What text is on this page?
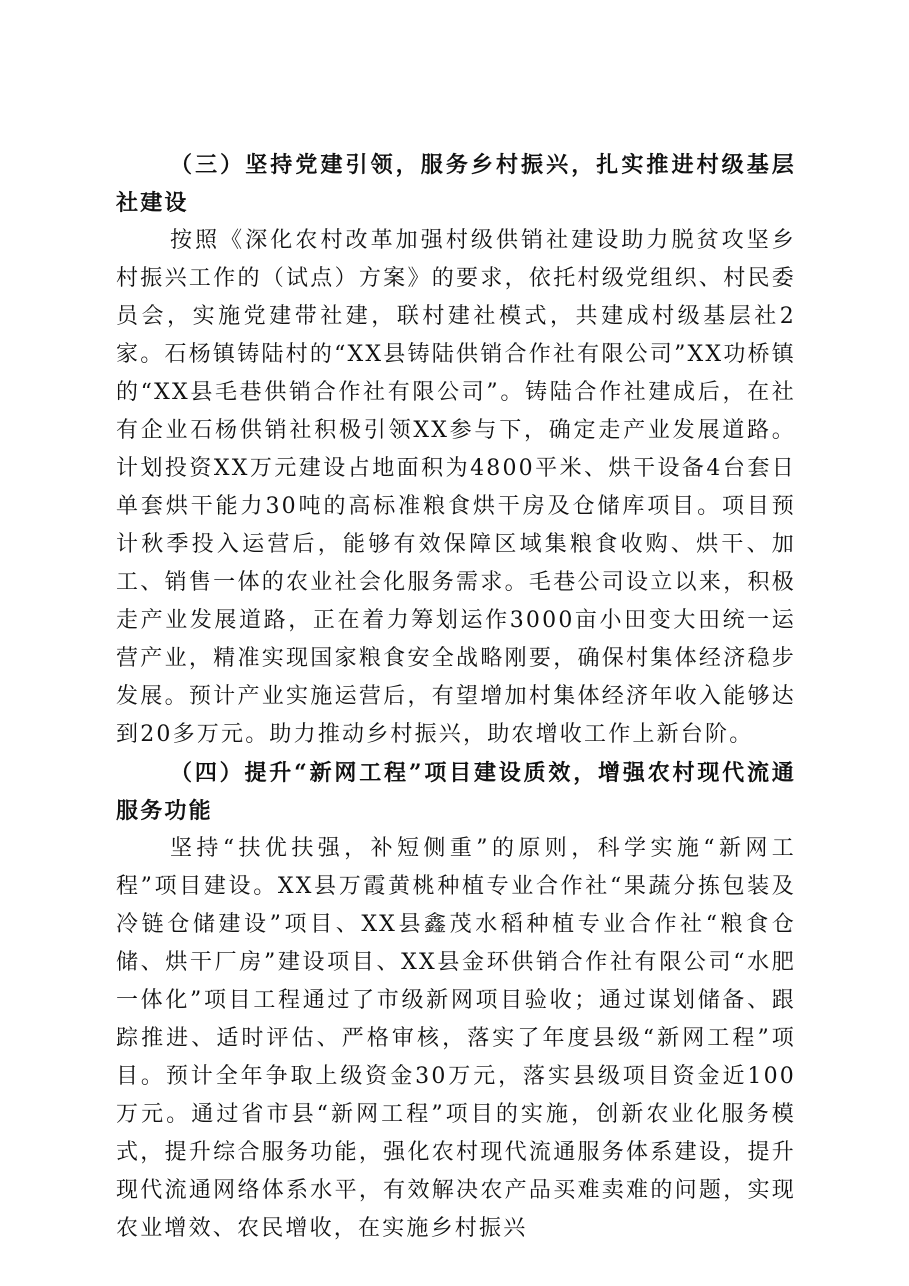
（三）坚持党建引领，服务乡村振兴，扎实推进村级基层社建设

按照《深化农村改革加强村级供销社建设助力脱贫攻坚乡村振兴工作的（试点）方案》的要求，依托村级党组织、村民委员会，实施党建带社建，联村建社模式，共建成村级基层社2家。石杨镇铸陆村的“XX县铸陆供销合作社有限公司”XX功桥镇的“XX县毛巷供销合作社有限公司”。铸陆合作社建成后，在社有企业石杨供销社积极引领XX参与下，确定走产业发展道路。计划投资XX万元建设占地面积为4800平米、烘干设备4台套日单套烘干能力30吨的高标准粮食烘干房及仓储库项目。项目预计秋季投入运营后，能够有效保障区域集粮食收购、烘干、加工、销售一体的农业社会化服务需求。毛巷公司设立以来，积极走产业发展道路，正在着力筹划运作3000亩小田变大田统一运营产业，精准实现国家粮食安全战略刚要，确保村集体经济稳步发展。预计产业实施运营后，有望增加村集体经济年收入能够达到20多万元。助力推动乡村振兴，助农增收工作上新台阶。

（四）提升“新网工程”项目建设质效，增强农村现代流通服务功能

坚持“扶优扶强，补短侧重”的原则，科学实施“新网工程”项目建设。XX县万霞黄桃种植专业合作社“果蔬分拣包装及冷链仓储建设”项目、XX县鑫茂水稻种植专业合作社“粮食仓储、烘干厂房”建设项目、XX县金环供销合作社有限公司“水肥一体化”项目工程通过了市级新网项目验收；通过谋划储备、跟踪推进、适时评估、严格审核，落实了年度县级“新网工程”项目。预计全年争取上级资金30万元，落实县级项目资金近100万元。通过省市县“新网工程”项目的实施，创新农业化服务模式，提升综合服务功能，强化农村现代流通服务体系建设，提升现代流通网络体系水平，有效解决农产品买难卖难的问题，实现农业增效、农民增收，在实施乡村振兴
